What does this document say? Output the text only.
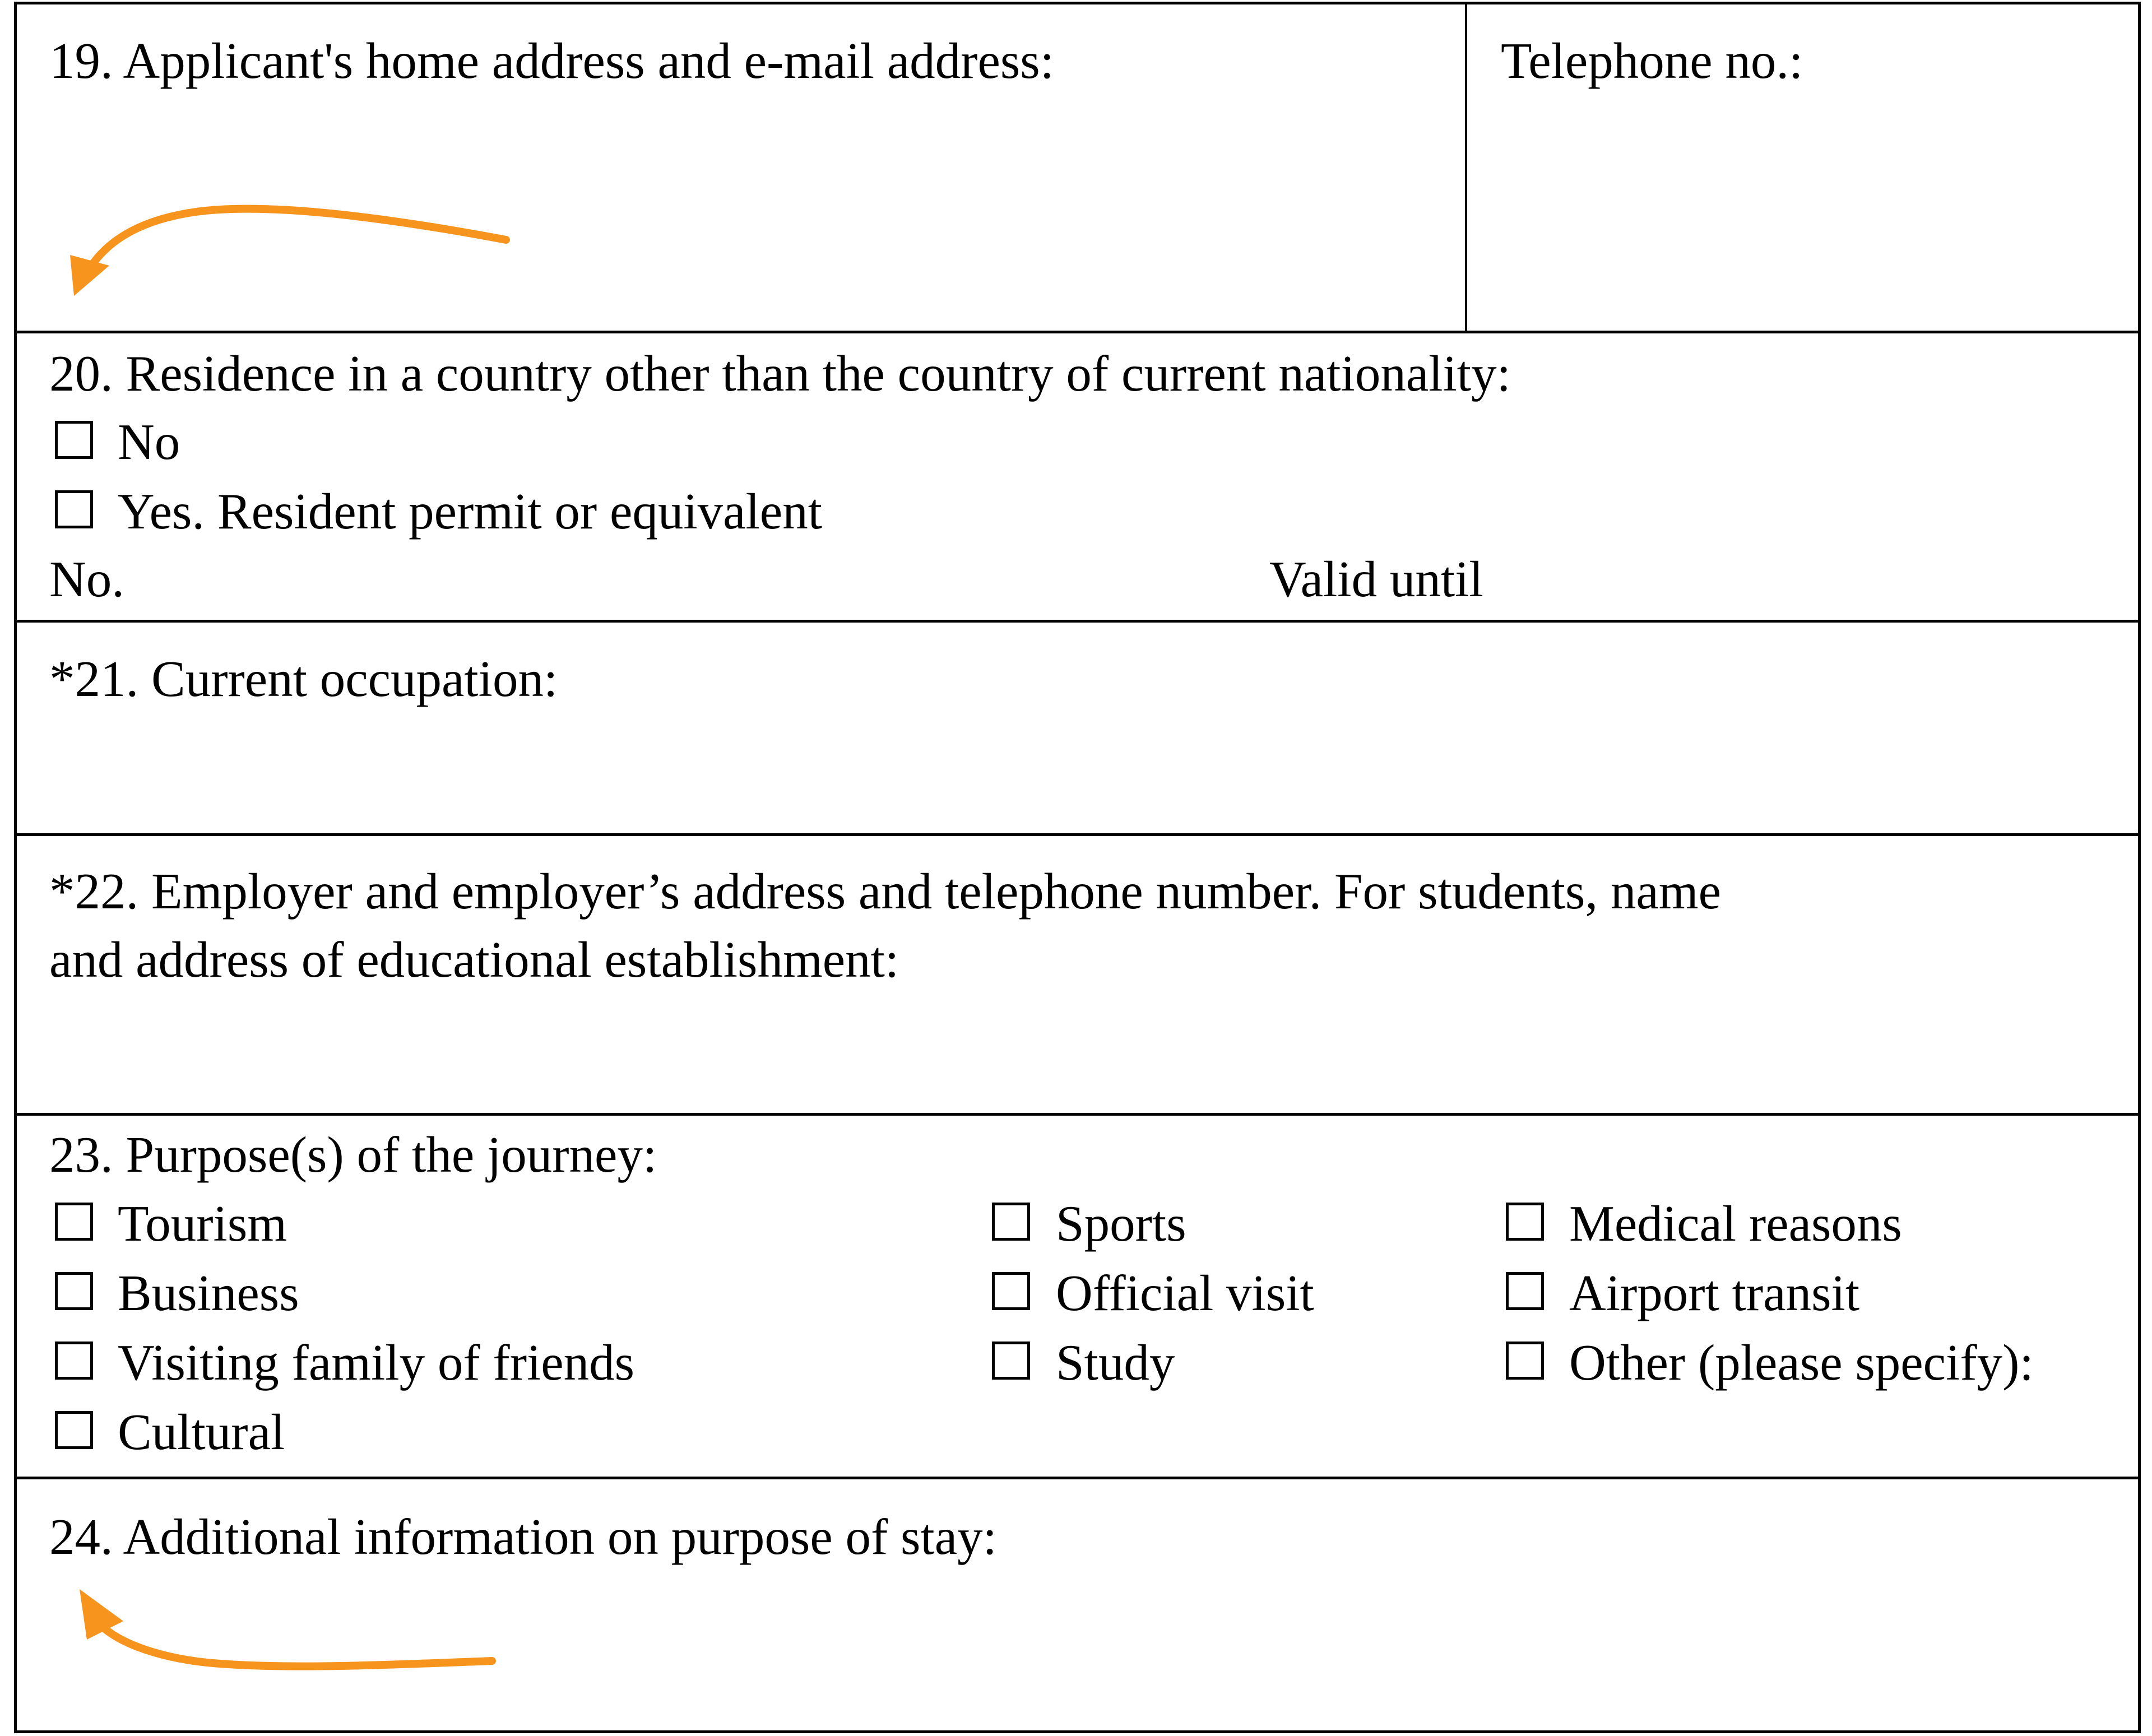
19. Applicant's home address and e-mail address:	Telephone no.:
20. Residence in a country other than the country of current nationality:
No
Yes. Resident permit or equivalent
No.	Valid until
*21. Current occupation:
*22. Employer and employer’s address and telephone number. For students, name
and address of educational establishment:
23. Purpose(s) of the journey:
Tourism
Business
Visiting family of friends
Cultural
Sports
Official visit
Study
Medical reasons
Airport transit
Other (please specify):
24. Additional information on purpose of stay:
